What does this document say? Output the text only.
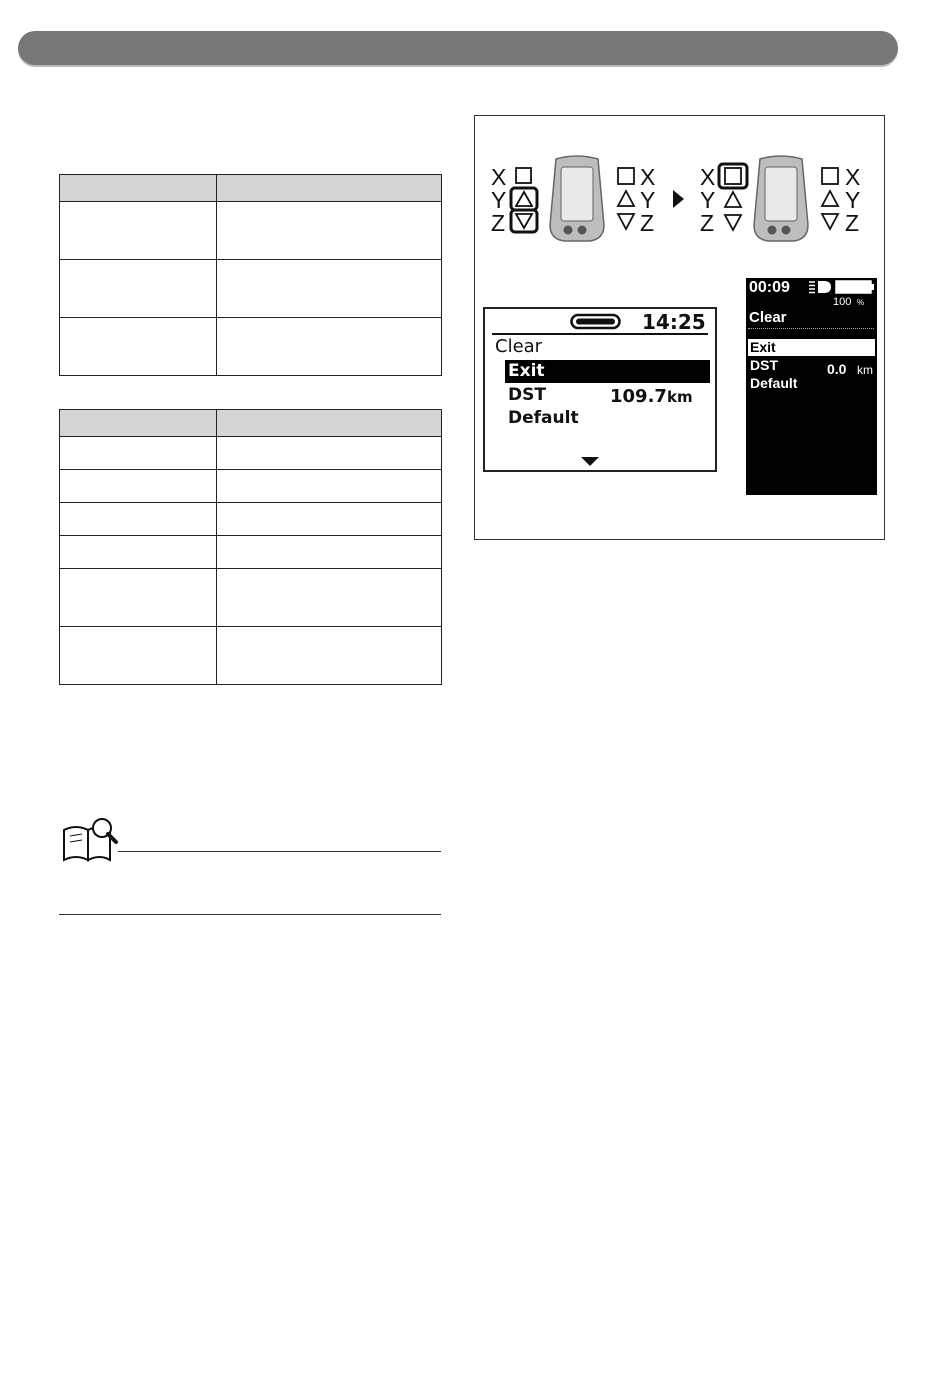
X
Y
Z
X
Y
Z
X
Y
Z
X
Y
Z
14:25
Clear
Exit
DST	109.7 km
Default
00:09
100 %
Clear
Exit
DST	0.0 km
Default
